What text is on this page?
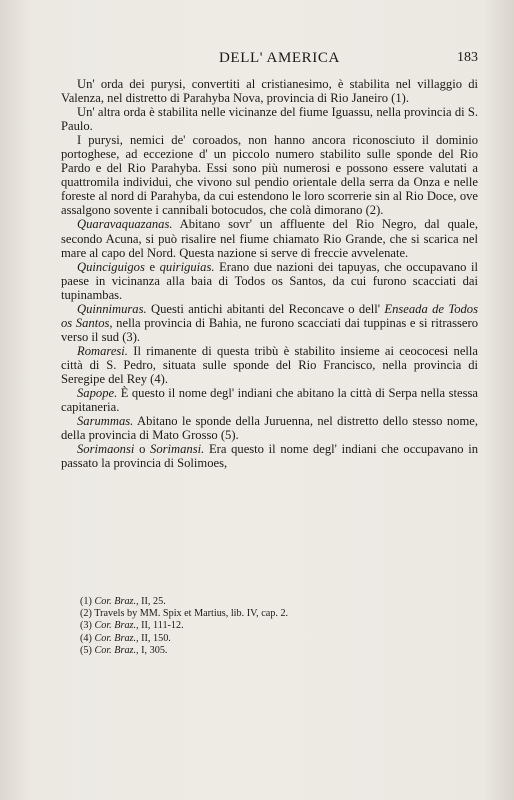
DELL' AMERICA	183

Un' orda dei purysi, convertiti al cristianesimo, è stabilita nel villaggio di Valenza, nel distretto di Parahyba Nova, provincia di Rio Janeiro (1).

Un' altra orda è stabilita nelle vicinanze del fiume Iguassu, nella provincia di S. Paulo.

I purysi, nemici de' coroados, non hanno ancora riconosciuto il dominio portoghese, ad eccezione d' un piccolo numero stabilito sulle sponde del Rio Pardo e del Rio Parahyba. Essi sono più numerosi e possono essere valutati a quattromila individui, che vivono sul pendio orientale della serra da Onza e nelle foreste al nord di Parahyba, da cui estendono le loro scorrerie sin al Rio Doce, ove assalgono sovente i cannibali botocudos, che colà dimorano (2).

Quaravaquazanas. Abitano sovr' un affluente del Rio Negro, dal quale, secondo Acuna, si può risalire nel fiume chiamato Rio Grande, che si scarica nel mare al capo del Nord. Questa nazione si serve di freccie avvelenate.

Quinciguigos e quiriguias. Erano due nazioni dei tapuyas, che occupavano il paese in vicinanza alla baia di Todos os Santos, da cui furono scacciati dai tupinambas.

Quinnimuras. Questi antichi abitanti del Reconcave o dell' Enseada de Todos os Santos, nella provincia di Bahia, ne furono scacciati dai tuppinas e si ritrassero verso il sud (3).

Romaresi. Il rimanente di questa tribù è stabilito insieme ai ceococesi nella città di S. Pedro, situata sulle sponde del Rio Francisco, nella provincia di Seregipe del Rey (4).

Sapope. È questo il nome degl' indiani che abitano la città di Serpa nella stessa capitaneria.

Sarummas. Abitano le sponde della Juruenna, nel distretto dello stesso nome, della provincia di Mato Grosso (5).

Sorimaonsi o Sorimansi. Era questo il nome degl' indiani che occupavano in passato la provincia di Solimoes,

(1) Cor. Braz., II, 25.

(2) Travels by MM. Spix et Martius, lib. IV, cap. 2.

(3) Cor. Braz., II, 111-12.

(4) Cor. Braz., II, 150.

(5) Cor. Braz., I, 305.
